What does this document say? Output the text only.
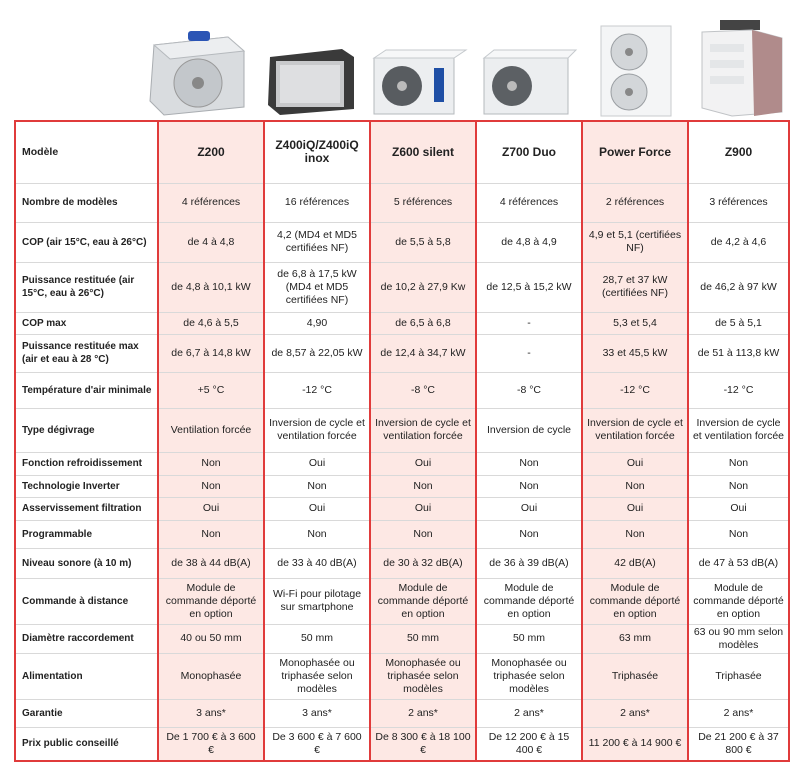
Modèle	Z200	Z400iQ/Z400iQ inox	Z600 silent	Z700 Duo	Power Force	Z900
Nombre de modèles	4 références	16 références	5 références	4 références	2 références	3 références
COP (air 15°C, eau à 26°C)	de 4 à 4,8	4,2 (MD4 et MD5 certifiées NF)	de 5,5 à 5,8	de 4,8 à 4,9	4,9 et 5,1 (certifiées NF)	de 4,2 à 4,6
Puissance restituée (air 15°C, eau à 26°C)	de 4,8 à 10,1 kW	de 6,8 à 17,5 kW (MD4 et MD5 certifiées NF)	de 10,2 à 27,9 Kw	de 12,5 à 15,2 kW	28,7 et 37 kW (certifiées NF)	de 46,2 à 97 kW
COP max	de 4,6 à 5,5	4,90	de 6,5 à 6,8	-	5,3 et 5,4	de 5 à 5,1
Puissance restituée max (air et eau à 28 °C)	de 6,7 à 14,8 kW	de 8,57 à 22,05 kW	de 12,4 à 34,7 kW	-	33 et 45,5 kW	de 51 à 113,8 kW
Température d'air minimale	+5 °C	-12 °C	-8 °C	-8 °C	-12 °C	-12 °C
Type dégivrage	Ventilation forcée	Inversion de cycle et ventilation forcée	Inversion de cycle et ventilation forcée	Inversion de cycle	Inversion de cycle et ventilation forcée	Inversion de cycle et ventilation forcée
Fonction refroidissement	Non	Oui	Oui	Non	Oui	Non
Technologie Inverter	Non	Non	Non	Non	Non	Non
Asservissement filtration	Oui	Oui	Oui	Oui	Oui	Oui
Programmable	Non	Non	Non	Non	Non	Non
Niveau sonore (à 10 m)	de 38 à 44 dB(A)	de 33 à 40 dB(A)	de 30 à 32 dB(A)	de 36 à 39 dB(A)	42 dB(A)	de 47 à 53 dB(A)
Commande à distance	Module de commande déporté en option	Wi-Fi pour pilotage sur smartphone	Module de commande déporté en option	Module de commande déporté en option	Module de commande déporté en option	Module de commande déporté en option
Diamètre raccordement	40 ou 50 mm	50 mm	50 mm	50 mm	63 mm	63 ou 90 mm selon modèles
Alimentation	Monophasée	Monophasée ou triphasée selon modèles	Monophasée ou triphasée selon modèles	Monophasée ou triphasée selon modèles	Triphasée	Triphasée
Garantie	3 ans*	3 ans*	2 ans*	2 ans*	2 ans*	2 ans*
Prix public conseillé	De 1 700 € à 3 600 €	De 3 600 € à 7 600 €	De 8 300 € à 18 100 €	De 12 200 € à 15 400 €	11 200 € à 14 900 €	De 21 200 € à 37 800 €
